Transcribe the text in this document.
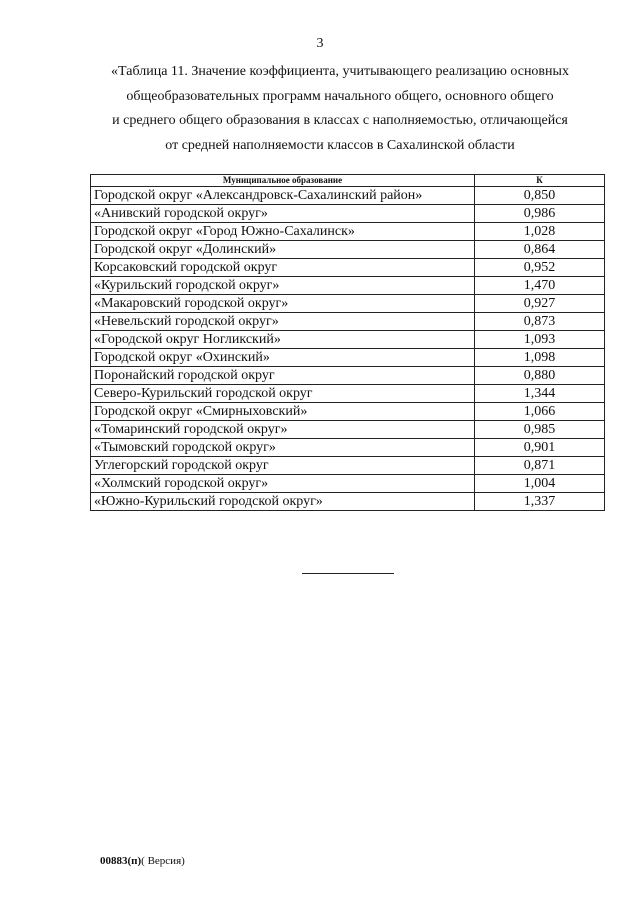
3
«Таблица 11. Значение коэффициента, учитывающего реализацию основных
общеобразовательных программ начального общего, основного общего
и среднего общего образования в классах с наполняемостью, отличающейся
от средней наполняемости классов в Сахалинской области
Муниципальное образование	К
Городской округ «Александровск-Сахалинский район»	0,850
«Анивский городской округ»	0,986
Городской округ «Город Южно-Сахалинск»	1,028
Городской округ «Долинский»	0,864
Корсаковский городской округ	0,952
«Курильский городской округ»	1,470
«Макаровский городской округ»	0,927
«Невельский городской округ»	0,873
«Городской округ Ногликский»	1,093
Городской округ «Охинский»	1,098
Поронайский городской округ	0,880
Северо-Курильский городской округ	1,344
Городской округ «Смирныховский»	1,066
«Томаринский городской округ»	0,985
«Тымовский городской округ»	0,901
Углегорский городской округ	0,871
«Холмский городской округ»	1,004
«Южно-Курильский городской округ»	1,337
00883(п)( Версия)
